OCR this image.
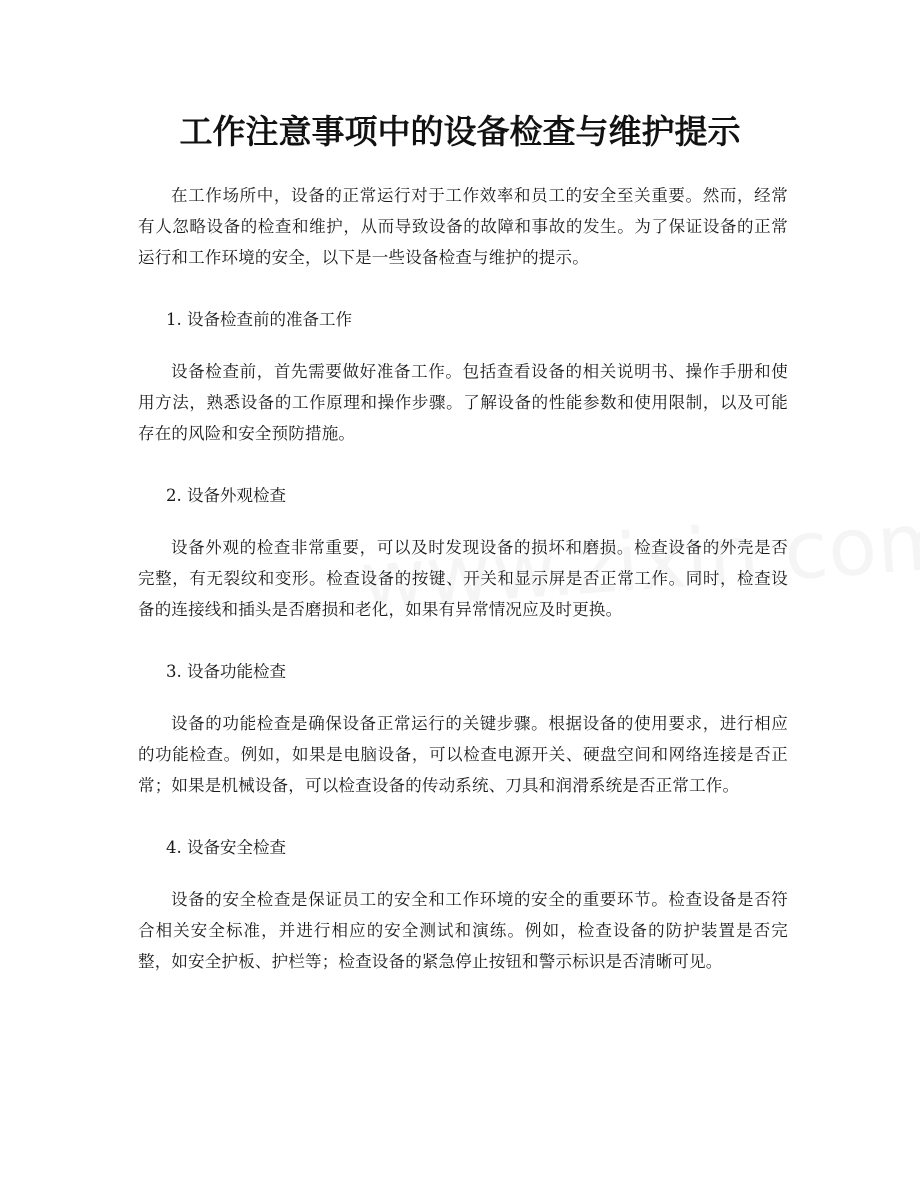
工作注意事项中的设备检查与维护提示

在工作场所中，设备的正常运行对于工作效率和员工的安全至关重要。然而，经常有人忽略设备的检查和维护，从而导致设备的故障和事故的发生。为了保证设备的正常运行和工作环境的安全，以下是一些设备检查与维护的提示。

1. 设备检查前的准备工作

设备检查前，首先需要做好准备工作。包括查看设备的相关说明书、操作手册和使用方法，熟悉设备的工作原理和操作步骤。了解设备的性能参数和使用限制，以及可能存在的风险和安全预防措施。

2. 设备外观检查

设备外观的检查非常重要，可以及时发现设备的损坏和磨损。检查设备的外壳是否完整，有无裂纹和变形。检查设备的按键、开关和显示屏是否正常工作。同时，检查设备的连接线和插头是否磨损和老化，如果有异常情况应及时更换。

3. 设备功能检查

设备的功能检查是确保设备正常运行的关键步骤。根据设备的使用要求，进行相应的功能检查。例如，如果是电脑设备，可以检查电源开关、硬盘空间和网络连接是否正常；如果是机械设备，可以检查设备的传动系统、刀具和润滑系统是否正常工作。

4. 设备安全检查

设备的安全检查是保证员工的安全和工作环境的安全的重要环节。检查设备是否符合相关安全标准，并进行相应的安全测试和演练。例如，检查设备的防护装置是否完整，如安全护板、护栏等；检查设备的紧急停止按钮和警示标识是否清晰可见。
